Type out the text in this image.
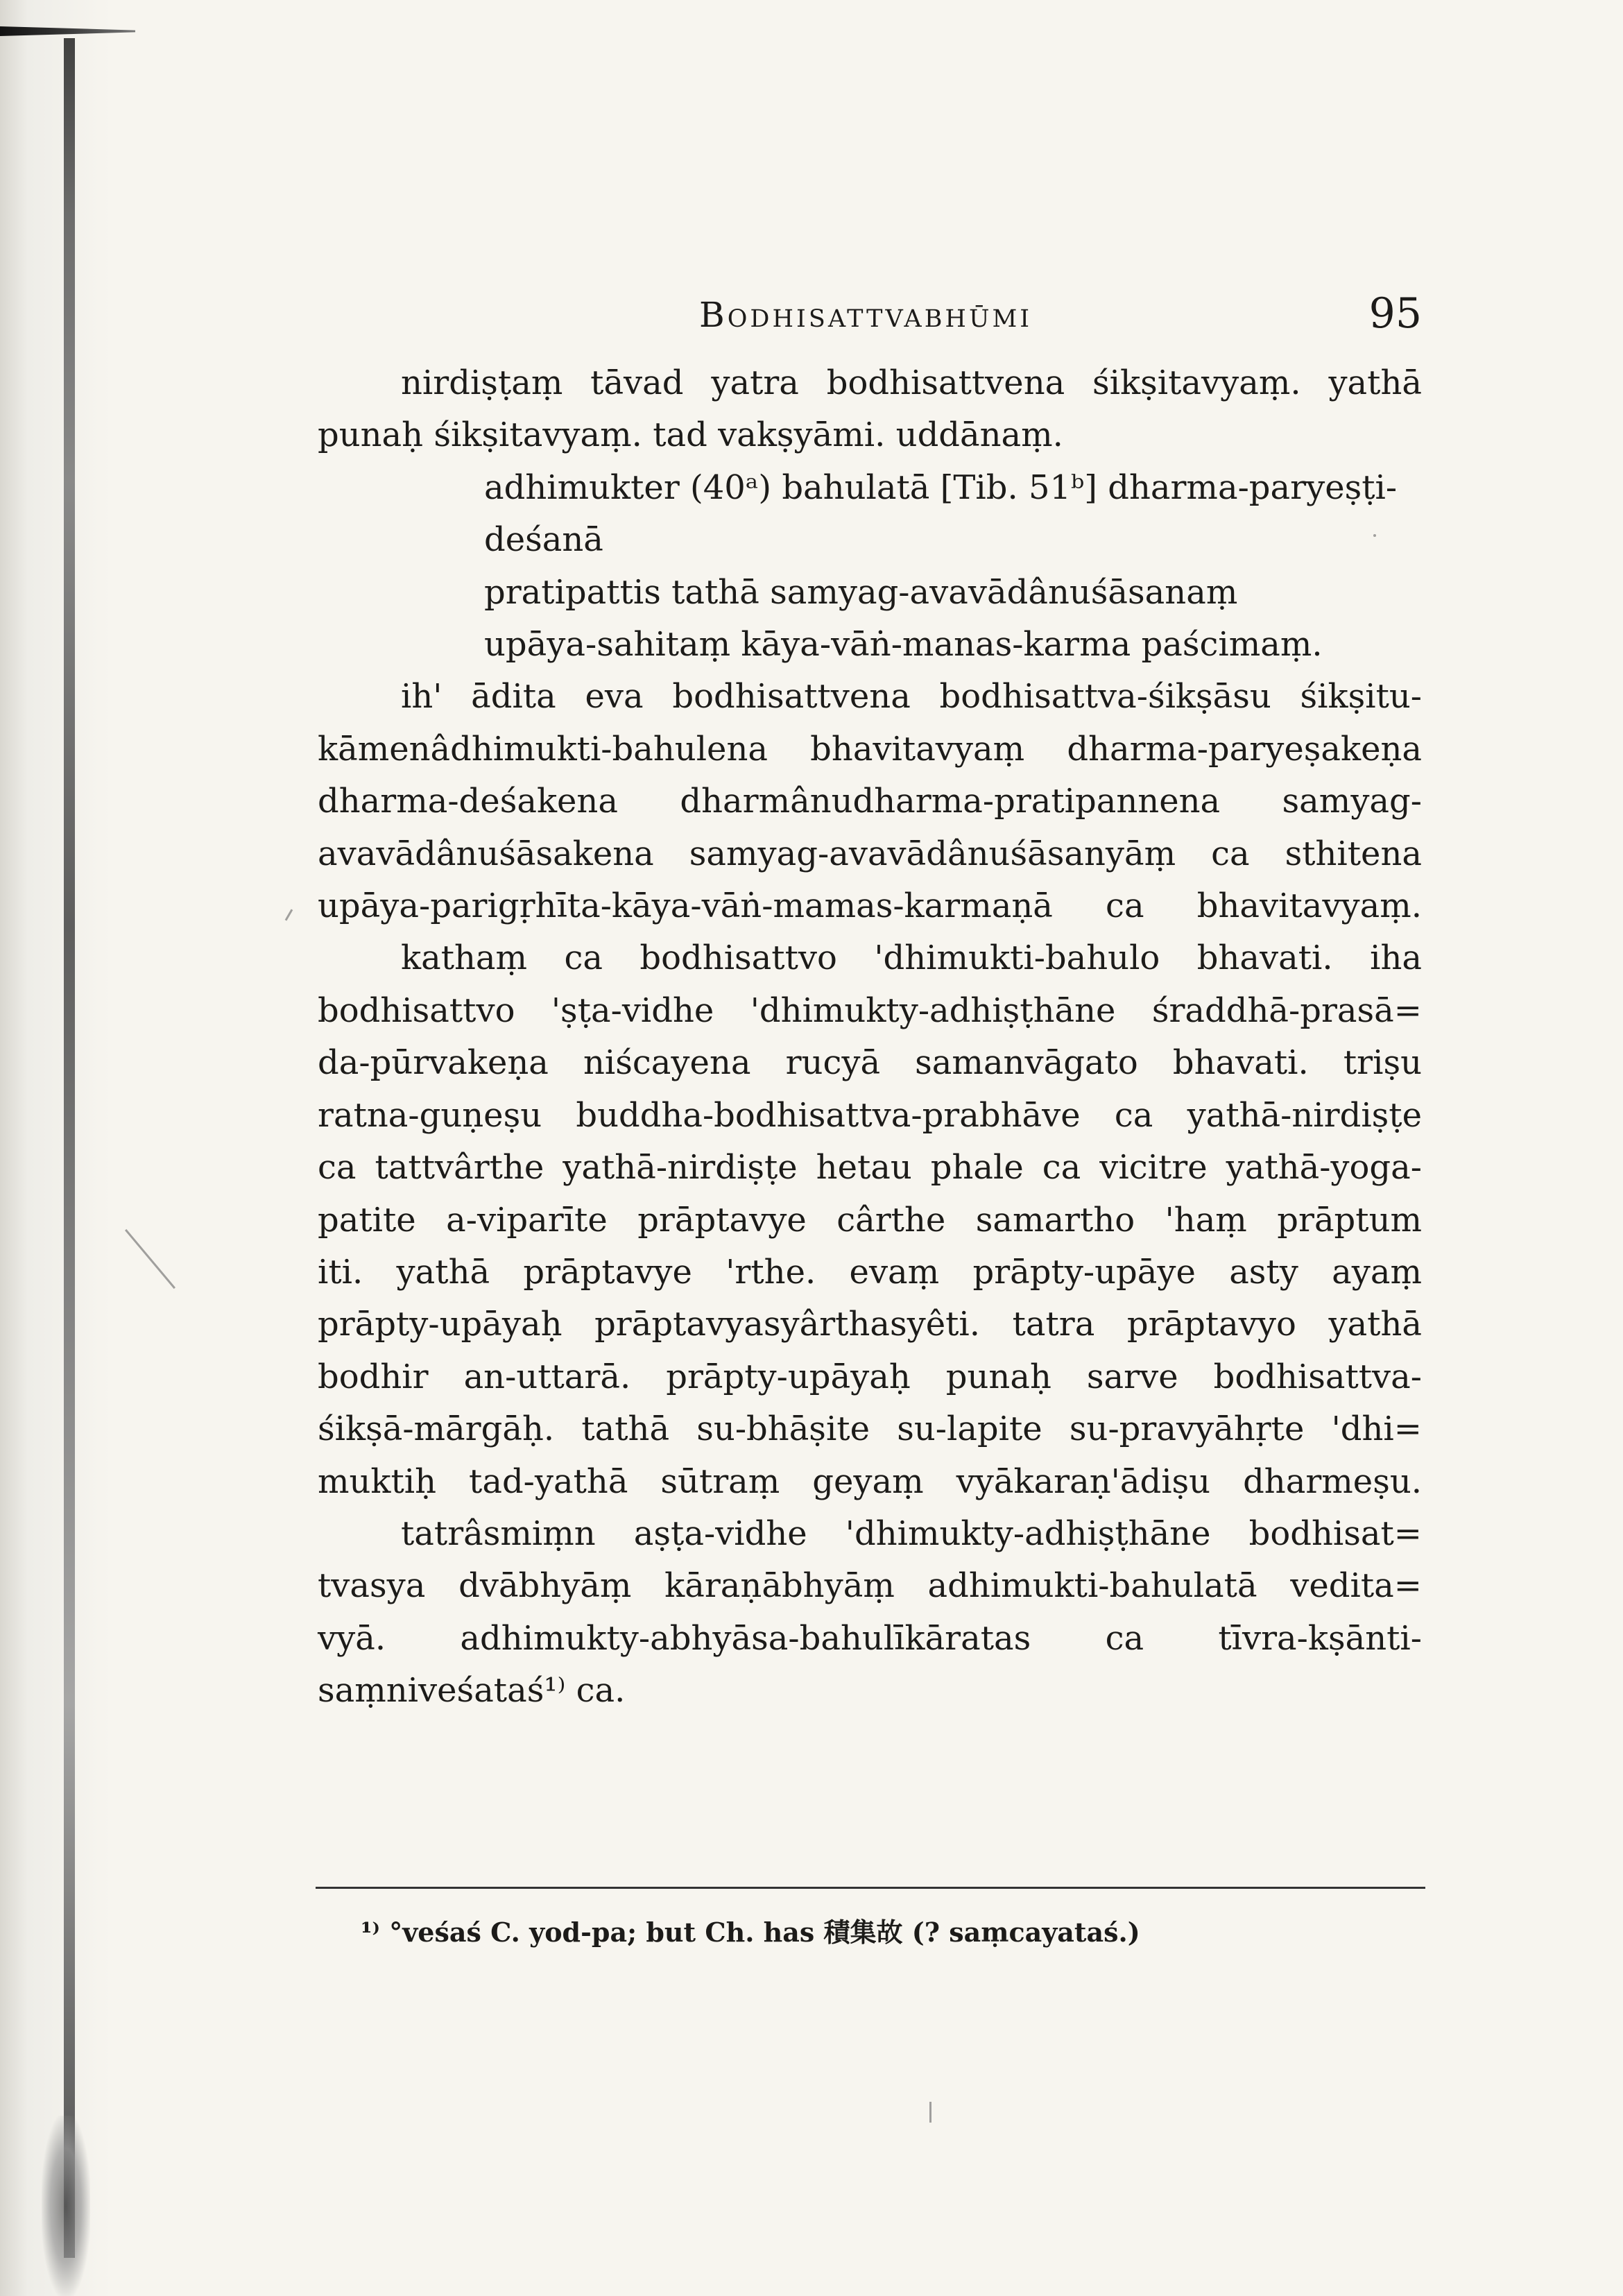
Bodhisattvabhūmi	95
nirdiṣṭaṃ tāvad yatra bodhisattvena śikṣitavyaṃ. yathā
punaḥ śikṣitavyaṃ. tad vakṣyāmi. uddānaṃ.
adhimukter (40ᵃ) bahulatā [Tib. 51ᵇ] dharma-paryeṣṭi-
deśanā
pratipattis tathā samyag-avavādânuśāsanaṃ
upāya-sahitaṃ kāya-vāṅ-manas-karma paścimaṃ.
ih' ādita eva bodhisattvena bodhisattva-śikṣāsu śikṣitu-
kāmenâdhimukti-bahulena bhavitavyaṃ dharma-paryeṣakeṇa
dharma-deśakena dharmânudharma-pratipannena samyag-
avavādânuśāsakena samyag-avavādânuśāsanyāṃ ca sthitena
upāya-parigṛhīta-kāya-vāṅ-mamas-karmaṇā ca bhavitavyaṃ.
kathaṃ ca bodhisattvo 'dhimukti-bahulo bhavati. iha
bodhisattvo 'ṣṭa-vidhe 'dhimukty-adhiṣṭhāne śraddhā-prasā=
da-pūrvakeṇa niścayena rucyā samanvāgato bhavati. triṣu
ratna-guṇeṣu buddha-bodhisattva-prabhāve ca yathā-nirdiṣṭe
ca tattvârthe yathā-nirdiṣṭe hetau phale ca vicitre yathā-yoga-
patite a-viparīte prāptavye cârthe samartho 'haṃ prāptum
iti. yathā prāptavye 'rthe. evaṃ prāpty-upāye asty ayaṃ
prāpty-upāyaḥ prāptavyasyârthasyêti. tatra prāptavyo yathā
bodhir an-uttarā. prāpty-upāyaḥ punaḥ sarve bodhisattva-
śikṣā-mārgāḥ. tathā su-bhāṣite su-lapite su-pravyāhṛte 'dhi=
muktiḥ tad-yathā sūtraṃ geyaṃ vyākaraṇ'ādiṣu dharmeṣu.
tatrâsmiṃn aṣṭa-vidhe 'dhimukty-adhiṣṭhāne bodhisat=
tvasya dvābhyāṃ kāraṇābhyāṃ adhimukti-bahulatā vedita=
vyā. adhimukty-abhyāsa-bahulīkāratas ca tīvra-kṣānti-
saṃniveśataś¹⁾ ca.
¹⁾ °veśaś C. yod-pa; but Ch. has 積集故 (? saṃcayataś.)
